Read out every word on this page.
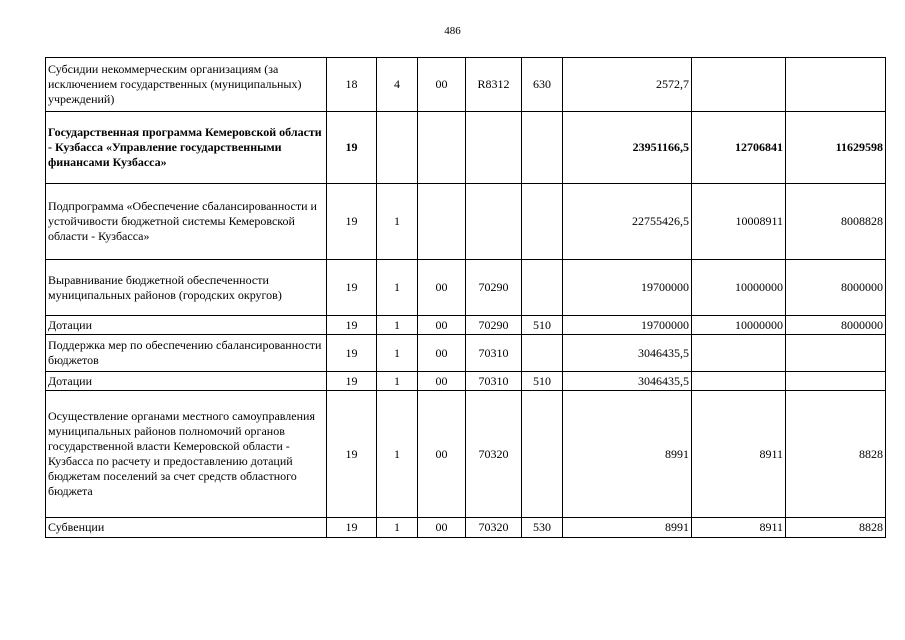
486
Субсидии некоммерческим организациям (за исключением государственных (муниципальных) учреждений)	18	4	00	R8312	630	2572,7		
Государственная программа Кемеровской области - Кузбасса «Управление государственными финансами Кузбасса»	19					23951166,5	12706841	11629598
Подпрограмма «Обеспечение сбалансированности и устойчивости бюджетной системы Кемеровской области - Кузбасса»	19	1				22755426,5	10008911	8008828
Выравнивание бюджетной обеспеченности муниципальных районов (городских округов)	19	1	00	70290		19700000	10000000	8000000
Дотации	19	1	00	70290	510	19700000	10000000	8000000
Поддержка мер по обеспечению сбалансированности бюджетов	19	1	00	70310		3046435,5		
Дотации	19	1	00	70310	510	3046435,5		
Осуществление органами местного самоуправления муниципальных районов полномочий органов государственной власти Кемеровской области - Кузбасса по расчету и предоставлению дотаций бюджетам поселений за счет средств областного бюджета	19	1	00	70320		8991	8911	8828
Субвенции	19	1	00	70320	530	8991	8911	8828
